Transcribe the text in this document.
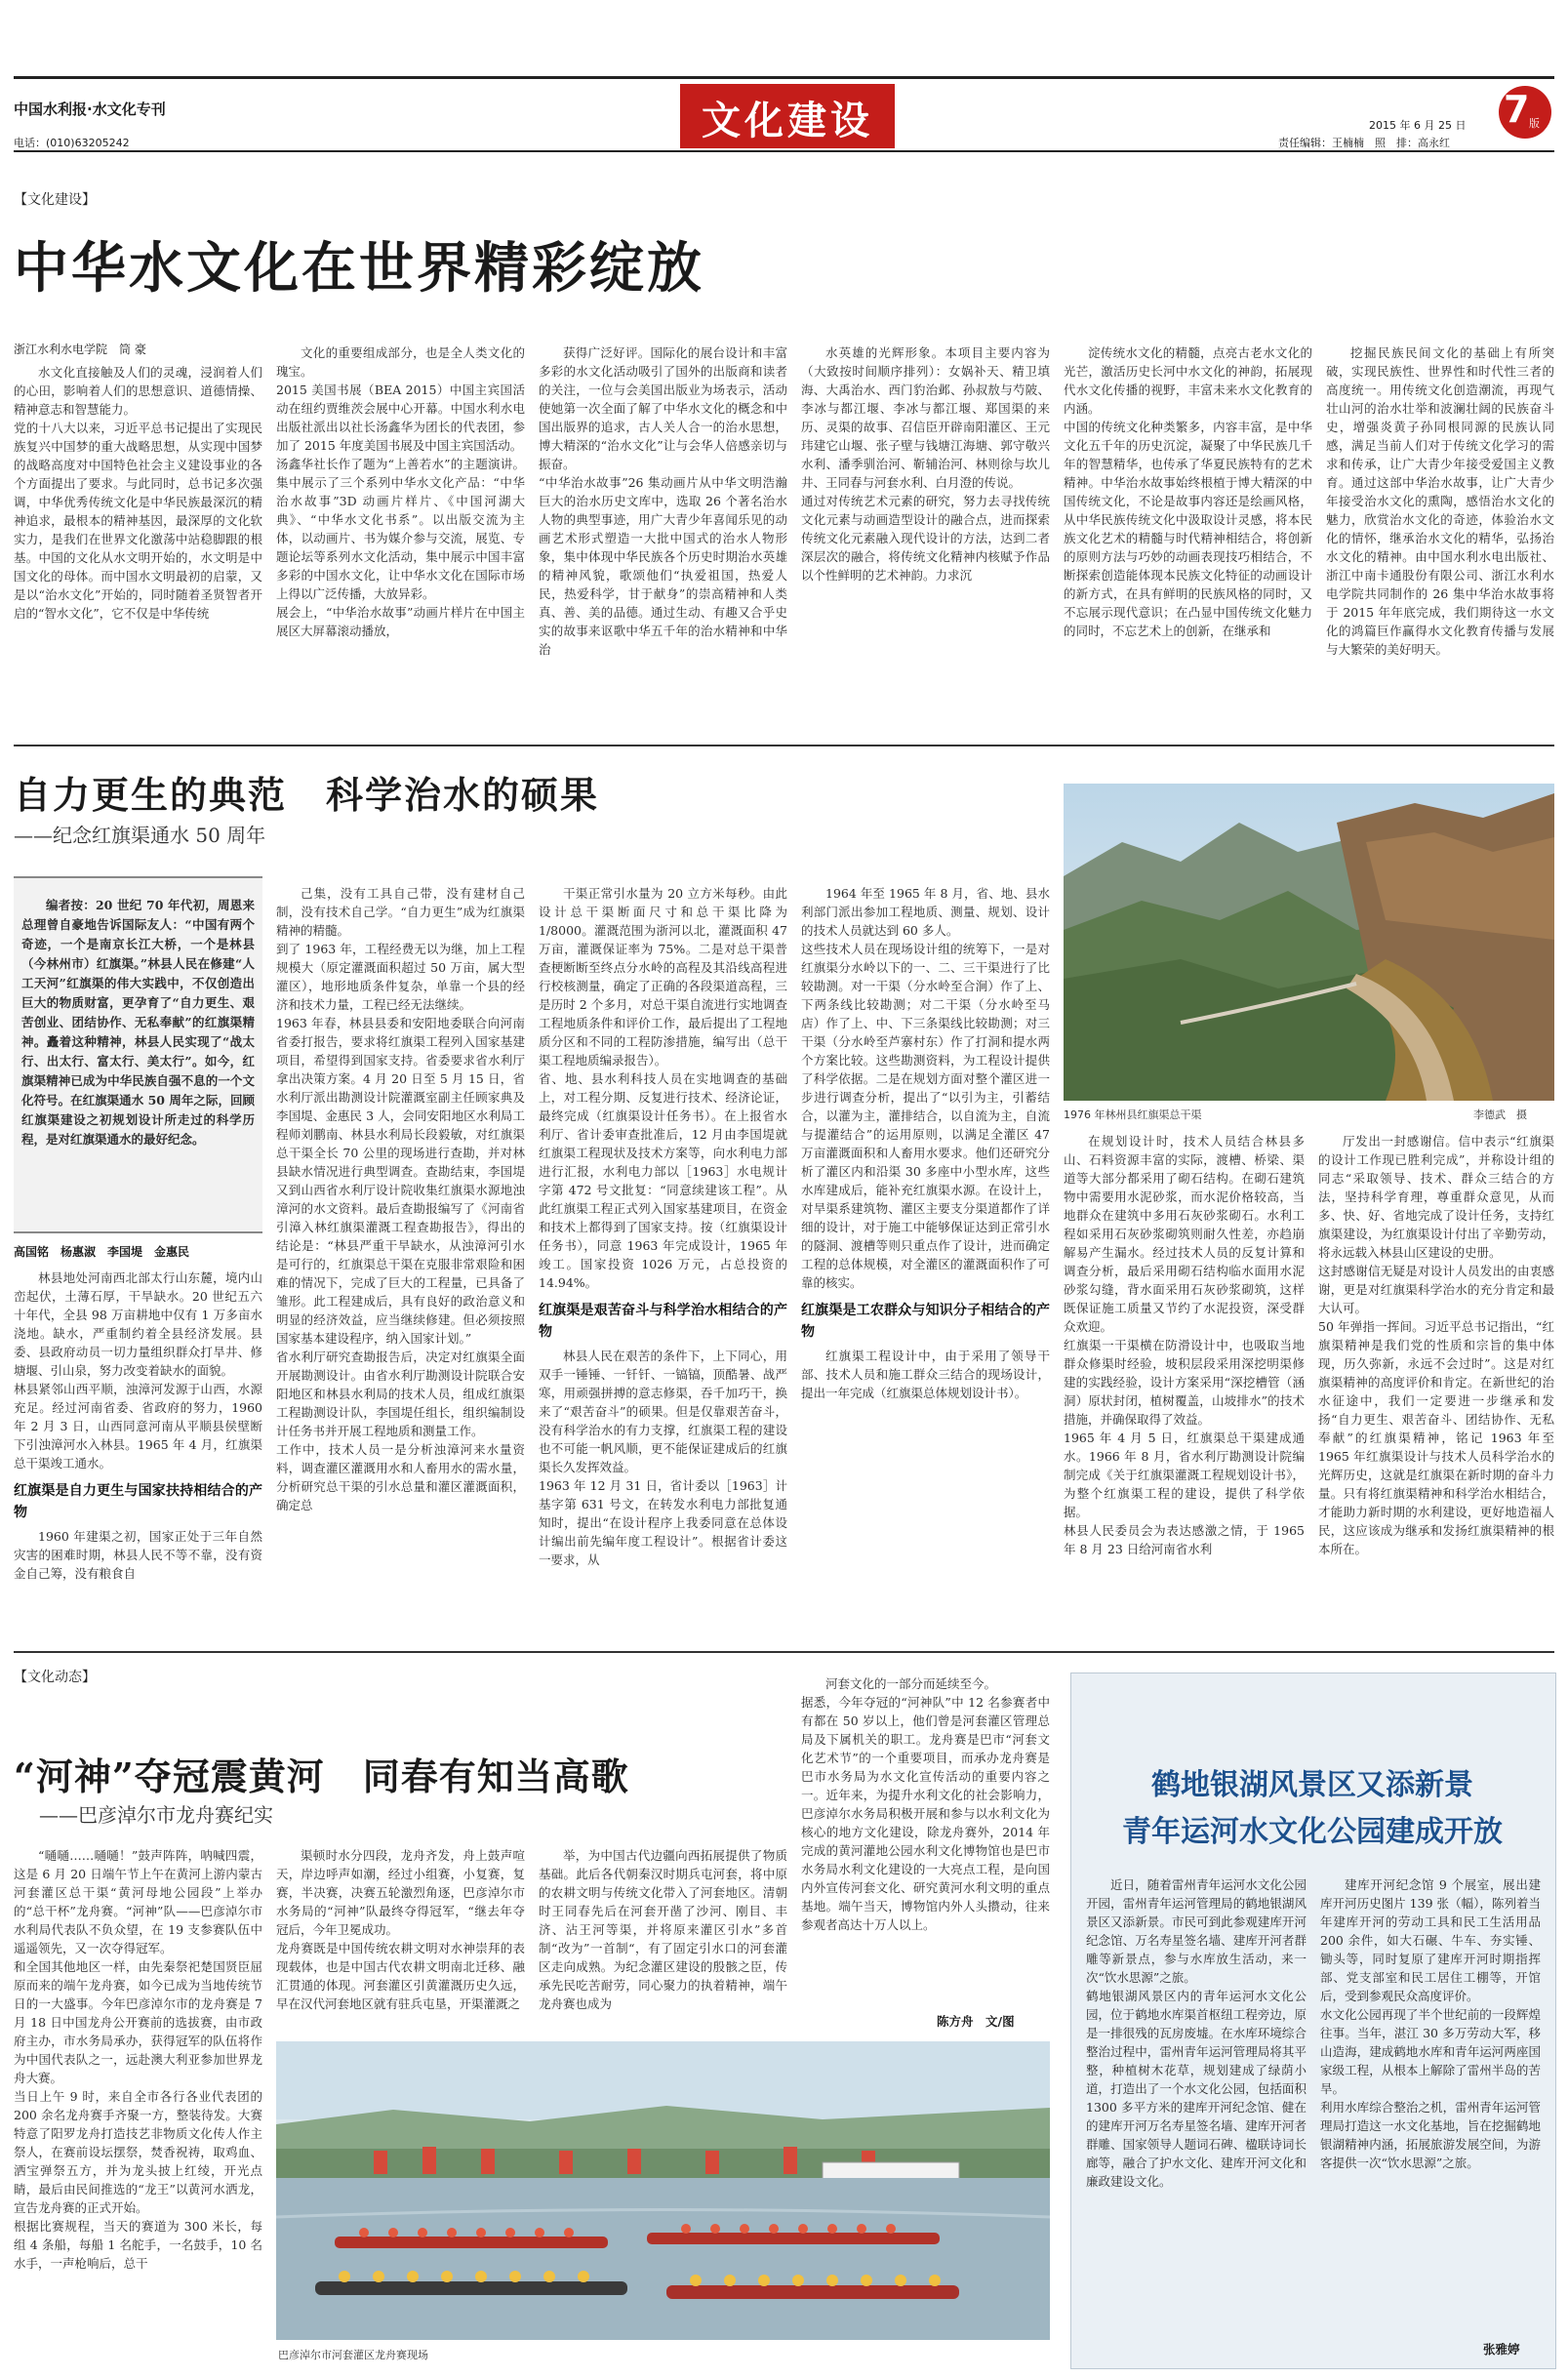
中国水利报·水文化专刊
电话：(010)63205242	文化建设	2015 年 6 月 25 日
责任编辑：王楠楠　照　排：高永红
7 版
【文化建设】
中华水文化在世界精彩绽放
浙江水利水电学院　筒 豪

水文化直接触及人们的灵魂，浸润着人们的心田，影响着人们的思想意识、道德情操、精神意志和智慧能力。
党的十八大以来，习近平总书记提出了实现民族复兴中国梦的重大战略思想，从实现中国梦的战略高度对中国特色社会主义建设事业的各个方面提出了要求。与此同时，总书记多次强调，中华优秀传统文化是中华民族最深沉的精神追求，最根本的精神基因，最深厚的文化软实力，是我们在世界文化激荡中站稳脚跟的根基。中国的文化从水文明开始的，水文明是中国文化的母体。而中国水文明最初的启蒙，又是以“治水文化”开始的，同时随着圣贤智者开启的“智水文化”，它不仅是中华传统

文化的重要组成部分，也是全人类文化的瑰宝。
2015 美国书展（BEA 2015）中国主宾国活动在纽约贾维茨会展中心开幕。中国水利水电出版社派出以社长汤鑫华为团长的代表团，参加了 2015 年度美国书展及中国主宾国活动。
汤鑫华社长作了题为“上善若水”的主题演讲。集中展示了三个系列中华水文化产品：“中华治水故事”3D 动画片样片、《中国河湖大典》、“中华水文化书系”。以出版交流为主体，以动画片、书为媒介参与交流，展览、专题论坛等系列水文化活动，集中展示中国丰富多彩的中国水文化，让中华水文化在国际市场上得以广泛传播，大放异彩。
展会上，“中华治水故事”动画片样片在中国主展区大屏幕滚动播放，

获得广泛好评。国际化的展台设计和丰富多彩的水文化活动吸引了国外的出版商和读者的关注，一位与会美国出版业为场表示，活动使她第一次全面了解了中华水文化的概念和中国出版界的追求，古人关人合一的治水思想，博大精深的“治水文化”让与会华人倍感亲切与振奋。
“中华治水故事”26 集动画片从中华文明浩瀚巨大的治水历史文库中，选取 26 个著名治水人物的典型事迹，用广大青少年喜闻乐见的动画艺术形式塑造一大批中国式的治水人物形象，集中体现中华民族各个历史时期治水英雄的精神风貌，歌颂他们“执爱祖国，热爱人民，热爱科学，甘于献身”的崇高精神和人类真、善、美的品德。通过生动、有趣又合乎史实的故事来讴歌中华五千年的治水精神和中华治

水英雄的光辉形象。本项目主要内容为（大致按时间顺序排列）：女娲补天、精卫填海、大禹治水、西门豹治邺、孙叔敖与芍陂、李冰与都江堰、李冰与都江堰、郑国渠的来历、灵渠的故事、召信臣开辟南阳灌区、王元玮建它山堰、张子壁与钱塘江海塘、郭守敬兴水利、潘季驯治河、靳辅治河、林则徐与坎儿井、王同春与河套水利、白月澄的传说。
通过对传统艺术元素的研究，努力去寻找传统文化元素与动画造型设计的融合点，进而探索传统文化元素融入现代设计的方法，达到二者深层次的融合，将传统文化精神内核赋予作品以个性鲜明的艺术神韵。力求沉

淀传统水文化的精髓，点亮古老水文化的光芒，激活历史长河中水文化的神韵，拓展现代水文化传播的视野，丰富未来水文化教育的内涵。
中国的传统文化种类繁多，内容丰富，是中华文化五千年的历史沉淀，凝聚了中华民族几千年的智慧精华，也传承了华夏民族特有的艺术精神。中华治水故事始终根植于博大精深的中国传统文化，不论是故事内容还是绘画风格，从中华民族传统文化中汲取设计灵感，将本民族文化艺术的精髓与时代精神相结合，将创新的原则方法与巧妙的动画表现技巧相结合，不断探索创造能体现本民族文化特征的动画设计的新方式，在具有鲜明的民族风格的同时，又不忘展示现代意识；在凸显中国传统文化魅力的同时，不忘艺术上的创新，在继承和

挖掘民族民间文化的基础上有所突破，实现民族性、世界性和时代性三者的高度统一。用传统文化创造潮流，再现气壮山河的治水壮举和波澜壮阔的民族奋斗史，增强炎黄子孙同根同源的民族认同感，满足当前人们对于传统文化学习的需求和传承，让广大青少年接受爱国主义教育。通过这部中华治水故事，让广大青少年接受治水文化的熏陶，感悟治水文化的魅力，欣赏治水文化的奇迹，体验治水文化的情怀，继承治水文化的精华，弘扬治水文化的精神。由中国水利水电出版社、浙江中南卡通股份有限公司、浙江水利水电学院共同制作的 26 集中华治水故事将于 2015 年年底完成，我们期待这一水文化的鸿篇巨作赢得水文化教育传播与发展与大繁荣的美好明天。

自力更生的典范　科学治水的硕果
——纪念红旗渠通水 50 周年

编者按：20 世纪 70 年代初，周恩来总理曾自豪地告诉国际友人：“中国有两个奇迹，一个是南京长江大桥，一个是林县（今林州市）红旗渠。”林县人民在修建“人工天河”红旗渠的伟大实践中，不仅创造出巨大的物质财富，更孕育了“自力更生、艰苦创业、团结协作、无私奉献”的红旗渠精神。矗着这种精神，林县人民实现了“战太行、出太行、富太行、美太行”。如今，红旗渠精神已成为中华民族自强不息的一个文化符号。在红旗渠通水 50 周年之际，回顾红旗渠建设之初规划设计所走过的科学历程，是对红旗渠通水的最好纪念。

高国铭　杨惠淑　李国堤　金惠民

林县地处河南西北部太行山东麓，境内山峦起伏，土薄石厚，干旱缺水。20 世纪五六十年代，全县 98 万亩耕地中仅有 1 万多亩水浇地。缺水，严重制约着全县经济发展。县委、县政府动员一切力量组织群众打旱井、修塘堰、引山泉，努力改变着缺水的面貌。
林县紧邻山西平顺，浊漳河发源于山西，水源充足。经过河南省委、省政府的努力，1960 年 2 月 3 日，山西同意河南从平顺县侯壁断下引浊漳河水入林县。1965 年 4 月，红旗渠总干渠竣工通水。

红旗渠是自力更生与国家扶持相结合的产物

1960 年建渠之初，国家正处于三年自然灾害的困难时期，林县人民不等不靠，没有资金自己筹，没有粮食自

己集，没有工具自己带，没有建材自己制，没有技术自己学。“自力更生”成为红旗渠精神的精髓。
到了 1963 年，工程经费无以为继，加上工程规模大（原定灌溉面积超过 50 万亩，属大型灌区），地形地质条件复杂，单靠一个县的经济和技术力量，工程已经无法继续。
1963 年春，林县县委和安阳地委联合向河南省委打报告，要求将红旗渠工程列入国家基建项目，希望得到国家支持。省委要求省水利厅拿出决策方案。4 月 20 日至 5 月 15 日，省水利厅派出勘测设计院灌溉室副主任顾家典及李国堤、金惠民 3 人，会同安阳地区水利局工程师刘鹏南、林县水利局长段毅敏，对红旗渠总干渠全长 70 公里的现场进行查勘，并对林县缺水情况进行典型调查。查勘结束，李国堤又到山西省水利厅设计院收集红旗渠水源地浊漳河的水文资料。最后查勘报编写了《河南省引漳入林红旗渠灌溉工程查勘报告》，得出的结论是：“林县严重干旱缺水，从浊漳河引水是可行的，红旗渠总干渠在克服非常艰险和困难的情况下，完成了巨大的工程量，已具备了雏形。此工程建成后，具有良好的政治意义和明显的经济效益，应当继续修建。但必须按照国家基本建设程序，纳入国家计划。”
省水利厅研究查勘报告后，决定对红旗渠全面开展勘测设计。由省水利厅勘测设计院联合安阳地区和林县水利局的技术人员，组成红旗渠工程勘测设计队，李国堤任组长，组织编制设计任务书并开展工程地质和测量工作。
工作中，技术人员一是分析浊漳河来水量资料，调查灌区灌溉用水和人畜用水的需水量，分析研究总干渠的引水总量和灌区灌溉面积，确定总

干渠正常引水量为 20 立方米每秒。由此设计总干渠断面尺寸和总干渠比降为 1/8000。灌溉范围为浙河以北，灌溉面积 47 万亩，灌溉保证率为 75%。二是对总干渠普查梗断断至终点分水岭的高程及其沿线高程进行校核测量，确定了正确的各段渠道高程，三是历时 2 个多月，对总干渠自流进行实地调查工程地质条件和评价工作，最后提出了工程地质分区和不同的工程防渗措施，编写出（总干渠工程地质编录报告）。
省、地、县水利科技人员在实地调查的基础上，对工程分期、反复进行技术、经济论证，最终完成（红旗渠设计任务书）。在上报省水利厅、省计委审查批准后，12 月由李国堤就红旗渠工程现状及技术方案等，向水利电力部进行汇报，水利电力部以［1963］水电规计字第 472 号文批复：“同意续建该工程”。从此红旗渠工程正式列入国家基建项目，在资金和技术上都得到了国家支持。按（红旗渠设计任务书），同意 1963 年完成设计，1965 年竣工。国家投资 1026 万元，占总投资的 14.94%。

红旗渠是艰苦奋斗与科学治水相结合的产物

林县人民在艰苦的条件下，上下同心，用双手一锤锤、一钎钎、一镐镐，顶酷暑、战严寒，用顽强拼搏的意志修渠，吞千加巧干，换来了“艰苦奋斗”的硕果。但是仅靠艰苦奋斗，没有科学治水的有力支撑，红旗渠工程的建设也不可能一帆风顺，更不能保证建成后的红旗渠长久发挥效益。
1963 年 12 月 31 日，省计委以［1963］计基字第 631 号文，在转发水利电力部批复通知时，提出“在设计程序上我委同意在总体设计编出前先编年度工程设计”。根据省计委这一要求，从

1964 年至 1965 年 8 月，省、地、县水利部门派出参加工程地质、测量、规划、设计的技术人员就达到 60 多人。
这些技术人员在现场设计组的统筹下，一是对红旗渠分水岭以下的一、二、三干渠进行了比较勘测。对一干渠（分水岭至合涧）作了上、下两条线比较勘测；对二干渠（分水岭至马店）作了上、中、下三条渠线比较勘测；对三干渠（分水岭至芦寨村东）作了打洞和提水两个方案比较。这些勘测资料，为工程设计提供了科学依据。二是在规划方面对整个灌区进一步进行调查分析，提出了“以引为主，引蓄结合，以灌为主，灌排结合，以自流为主，自流与提灌结合”的运用原则，以满足全灌区 47 万亩灌溉面积和人畜用水要求。他们还研究分析了灌区内和沿渠 30 多座中小型水库，这些水库建成后，能补充红旗渠水源。在设计上，对旱渠系建筑物、灌区主要支分渠道都作了详细的设计，对于施工中能够保证达到正常引水的隧洞、渡槽等则只重点作了设计，进而确定工程的总体规模，对全灌区的灌溉面积作了可靠的核实。

红旗渠是工农群众与知识分子相结合的产物

红旗渠工程设计中，由于采用了领导干部、技术人员和施工群众三结合的现场设计，提出一年完成（红旗渠总体规划设计书）。

1976 年林州县红旗渠总干渠	李德武　摄

在规划设计时，技术人员结合林县多山、石料资源丰富的实际，渡槽、桥梁、渠道等大部分都采用了砌石结构。在砌石建筑物中需要用水泥砂浆，而水泥价格较高，当地群众在建筑中多用石灰砂浆砌石。水利工程如采用石灰砂浆砌筑则耐久性差，亦趋崩解易产生漏水。经过技术人员的反复计算和调查分析，最后采用砌石结构临水面用水泥砂浆勾缝，背水面采用石灰砂浆砌筑，这样既保证施工质量又节约了水泥投资，深受群众欢迎。
红旗渠一干渠横在防滑设计中，也吸取当地群众修渠时经验，坡积层段采用深挖明渠修建的实践经验，设计方案采用“深挖槽管（涵洞）原状封闭，植树覆盖，山坡排水”的技术措施，并确保取得了效益。
1965 年 4 月 5 日，红旗渠总干渠建成通水。1966 年 8 月，省水利厅勘测设计院编制完成《关于红旗渠灌溉工程规划设计书》，为整个红旗渠工程的建设，提供了科学依据。
林县人民委员会为表达感激之情，于 1965 年 8 月 23 日给河南省水利

厅发出一封感谢信。信中表示“红旗渠的设计工作现已胜利完成”，并称设计组的同志“采取领导、技术、群众三结合的方法，坚持科学育理，尊重群众意见，从而多、快、好、省地完成了设计任务，支持红旗渠建设，为红旗渠设计付出了辛勤劳动，将永远载入林县山区建设的史册。
这封感谢信无疑是对设计人员发出的由衷感谢，更是对红旗渠科学治水的充分肯定和最大认可。
50 年弹指一挥间。习近平总书记指出，“红旗渠精神是我们党的性质和宗旨的集中体现，历久弥新，永远不会过时”。这是对红旗渠精神的高度评价和肯定。在新世纪的治水征途中，我们一定要进一步继承和发扬“自力更生、艰苦奋斗、团结协作、无私奉献”的红旗渠精神，铭记 1963 年至 1965 年红旗渠设计与技术人员科学治水的光辉历史，这就是红旗渠在新时期的奋斗力量。只有将红旗渠精神和科学治水相结合，才能助力新时期的水利建设，更好地造福人民，这应该成为继承和发扬红旗渠精神的根本所在。

【文化动态】
“河神”夺冠震黄河　同春有知当高歌
——巴彦淖尔市龙舟赛纪实

“嗵嗵……嗵嗵！”鼓声阵阵，呐喊四震，这是 6 月 20 日端午节上午在黄河上游内蒙古河套灌区总干渠“黄河母地公园段”上举办的“总干杯”龙舟赛。“河神”队——巴彦淖尔市水利局代表队不负众望，在 19 支参赛队伍中遥遥领先，又一次夺得冠军。
和全国其他地区一样，由先秦祭祀楚国贤臣屈原而来的端午龙舟赛，如今已成为当地传统节日的一大盛事。今年巴彦淖尔市的龙舟赛是 7 月 18 日中国龙舟公开赛前的选拔赛，由市政府主办，市水务局承办，获得冠军的队伍将作为中国代表队之一，远赴澳大利亚参加世界龙舟大赛。
当日上午 9 时，来自全市各行各业代表团的 200 余名龙舟赛手齐聚一方，整装待发。大赛特意了阳罗龙舟打造技艺非物质文化传人作主祭人，在赛前设坛摆祭，焚香祝祷，取鸡血、洒宝弹祭五方，并为龙头披上红绫，开光点睛，最后由民间推选的“龙王”以黄河水洒龙，宣告龙舟赛的正式开始。
根据比赛规程，当天的赛道为 300 米长，每组 4 条船，每船 1 名舵手，一名鼓手，10 名水手，一声枪响后，总干

渠顿时水分四段，龙舟齐发，舟上鼓声喧天，岸边呼声如潮，经过小组赛，小复赛，复赛，半决赛，决赛五轮激烈角逐，巴彦淖尔市水务局的“河神”队最终夺得冠军，“继去年夺冠后，今年卫冕成功。
龙舟赛既是中国传统农耕文明对水神崇拜的表现载体，也是中国古代农耕文明南北迁移、融汇贯通的体现。河套灌区引黄灌溉历史久远，早在汉代河套地区就有驻兵屯垦，开渠灌溉之

举，为中国古代边疆向西拓展提供了物质基础。此后各代朝秦汉时期兵屯河套，将中原的农耕文明与传统文化带入了河套地区。清朝时王同春先后在河套开凿了沙河、刚目、丰济、沾王河等渠，并将原来灌区引水”多首制“改为”一首制“，有了固定引水口的河套灌区走向成熟。为纪念灌区建设的殷骸之臣，传承先民吃苦耐劳，同心聚力的执着精神，端午龙舟赛也成为

河套文化的一部分而延续至今。
据悉，今年夺冠的“河神队”中 12 名参赛者中有都在 50 岁以上，他们曾是河套灌区管理总局及下属机关的职工。龙舟赛是巴市“河套文化艺术节”的一个重要项目，而承办龙舟赛是巴市水务局为水文化宣传活动的重要内容之一。近年来，为提升水利文化的社会影响力，巴彦淖尔水务局积极开展和参与以水利文化为核心的地方文化建设，除龙舟赛外，2014 年完成的黄河灌地公园水利文化博物馆也是巴市水务局水利文化建设的一大亮点工程，是向国内外宣传河套文化、研究黄河水利文明的重点基地。端午当天，博物馆内外人头攒动，往来参观者高达十万人以上。

陈方舟　文/图
巴彦淖尔市河套灌区龙舟赛现场
鹤地银湖风景区又添新景
青年运河水文化公园建成开放

近日，随着雷州青年运河水文化公园开园，雷州青年运河管理局的鹤地银湖风景区又添新景。市民可到此参观建库开河纪念馆、万名寿星签名墙、建库开河者群雕等新景点，参与水库放生活动，来一次“饮水思源”之旅。
鹤地银湖风景区内的青年运河水文化公园，位于鹤地水库渠首枢纽工程旁边，原是一排很残的瓦房废墟。在水库环境综合整治过程中，雷州青年运河管理局将其平整，种植树木花草，规划建成了绿荫小道，打造出了一个水文化公园，包括面积 1300 多平方米的建库开河纪念馆、健在的建库开河万名寿星签名墙、建库开河者群雕、国家领导人题词石碑、楹联诗词长廊等，融合了护水文化、建库开河文化和廉政建设文化。

建库开河纪念馆 9 个展室，展出建库开河历史图片 139 张（幅），陈列着当年建库开河的劳动工具和民工生活用品 200 余件，如大石碾、牛车、夯实锤、锄头等，同时复原了建库开河时期指挥部、党支部室和民工居住工棚等，开馆后，受到参观民众高度评价。
水文化公园再现了半个世纪前的一段辉煌往事。当年，湛江 30 多万劳动大军，移山造海，建成鹤地水库和青年运河两座国家级工程，从根本上解除了雷州半岛的苦旱。
利用水库综合整治之机，雷州青年运河管理局打造这一水文化基地，旨在挖掘鹤地银湖精神内涵，拓展旅游发展空间，为游客提供一次“饮水思源”之旅。

张雅婷
